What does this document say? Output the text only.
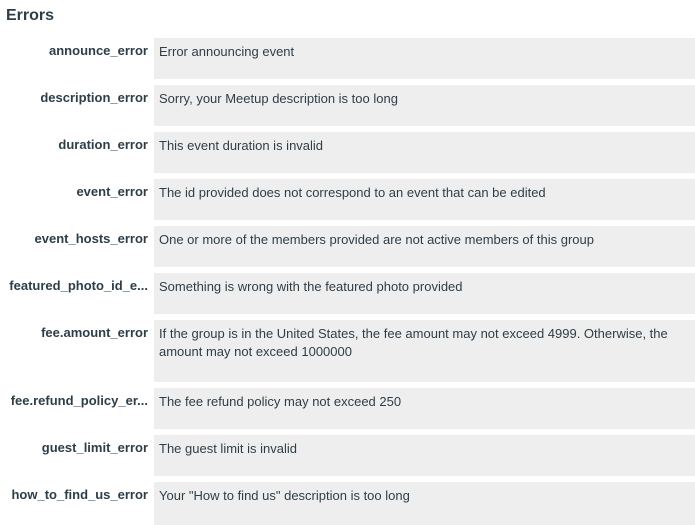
Errors
announce_error Error announcing event
description_error Sorry, your Meetup description is too long
duration_error This event duration is invalid
event_error The id provided does not correspond to an event that can be edited
event_hosts_error One or more of the members provided are not active members of this group
featured_photo_id_e... Something is wrong with the featured photo provided
fee.amount_error If the group is in the United States, the fee amount may not exceed 4999. Otherwise, the amount may not exceed 1000000
fee.refund_policy_er... The fee refund policy may not exceed 250
guest_limit_error The guest limit is invalid
how_to_find_us_error Your "How to find us" description is too long
